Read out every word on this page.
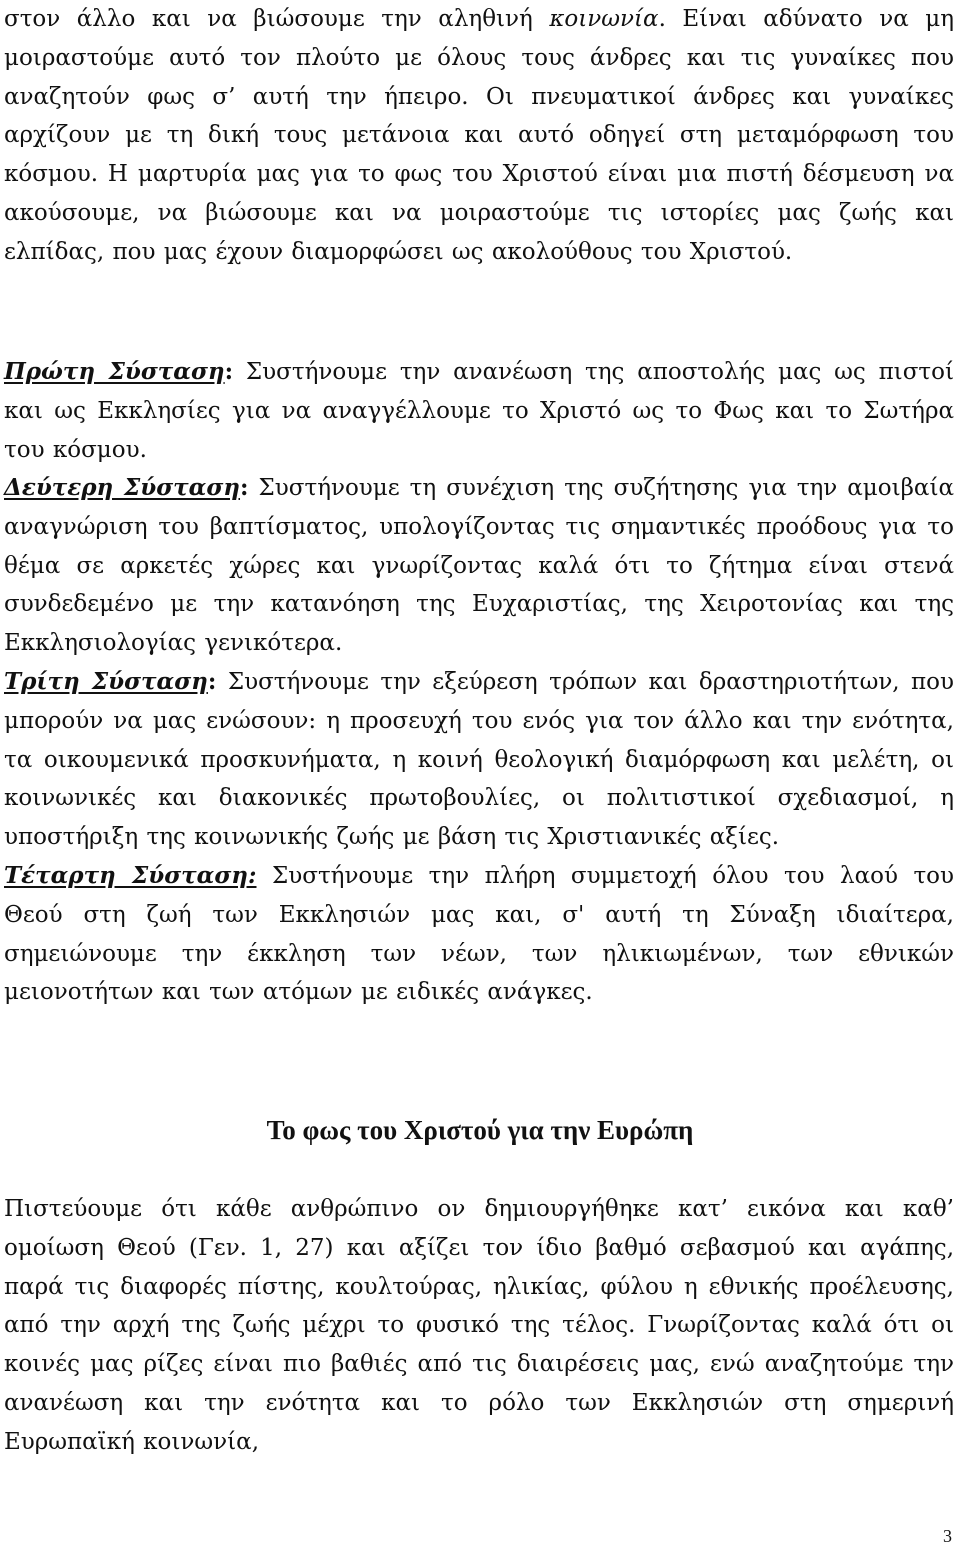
στον άλλο και να βιώσουμε την αληθινή κοινωνία. Είναι αδύνατο να μη μοιραστούμε αυτό τον πλούτο με όλους τους άνδρες και τις γυναίκες που αναζητούν φως σ’ αυτή την ήπειρο. Οι πνευματικοί άνδρες και γυναίκες αρχίζουν με τη δική τους μετάνοια και αυτό οδηγεί στη μεταμόρφωση του κόσμου. Η μαρτυρία μας για το φως του Χριστού είναι μια πιστή δέσμευση να ακούσουμε, να βιώσουμε και να μοιραστούμε τις ιστορίες μας ζωής και ελπίδας, που μας έχουν διαμορφώσει ως ακολούθους του Χριστού.
Πρώτη Σύσταση: Συστήνουμε την ανανέωση της αποστολής μας ως πιστοί και ως Εκκλησίες για να αναγγέλλουμε το Χριστό ως το Φως και το Σωτήρα του κόσμου.
Δεύτερη Σύσταση: Συστήνουμε τη συνέχιση της συζήτησης για την αμοιβαία αναγνώριση του βαπτίσματος, υπολογίζοντας τις σημαντικές προόδους για το θέμα σε αρκετές χώρες και γνωρίζοντας καλά ότι το ζήτημα είναι στενά συνδεδεμένο με την κατανόηση της Ευχαριστίας, της Χειροτονίας και της Εκκλησιολογίας γενικότερα.
Τρίτη Σύσταση: Συστήνουμε την εξεύρεση τρόπων και δραστηριοτήτων, που μπορούν να μας ενώσουν: η προσευχή του ενός για τον άλλο και την ενότητα, τα οικουμενικά προσκυνήματα, η κοινή θεολογική διαμόρφωση και μελέτη, οι κοινωνικές και διακονικές πρωτοβουλίες, οι πολιτιστικοί σχεδιασμοί, η υποστήριξη της κοινωνικής ζωής με βάση τις Χριστιανικές αξίες.
Τέταρτη Σύσταση: Συστήνουμε την πλήρη συμμετοχή όλου του λαού του Θεού στη ζωή των Εκκλησιών μας και, σ' αυτή τη Σύναξη ιδιαίτερα, σημειώνουμε την έκκληση των νέων, των ηλικιωμένων, των εθνικών μειονοτήτων και των ατόμων με ειδικές ανάγκες.
Το φως του Χριστού για την Ευρώπη
Πιστεύουμε ότι κάθε ανθρώπινο ον δημιουργήθηκε κατ’ εικόνα και καθ’ ομοίωση Θεού (Γεν. 1, 27) και αξίζει τον ίδιο βαθμό σεβασμού και αγάπης, παρά τις διαφορές πίστης, κουλτούρας, ηλικίας, φύλου η εθνικής προέλευσης, από την αρχή της ζωής μέχρι το φυσικό της τέλος. Γνωρίζοντας καλά ότι οι κοινές μας ρίζες είναι πιο βαθιές από τις διαιρέσεις μας, ενώ αναζητούμε την ανανέωση και την ενότητα και το ρόλο των Εκκλησιών στη σημερινή Ευρωπαϊκή κοινωνία,
3
